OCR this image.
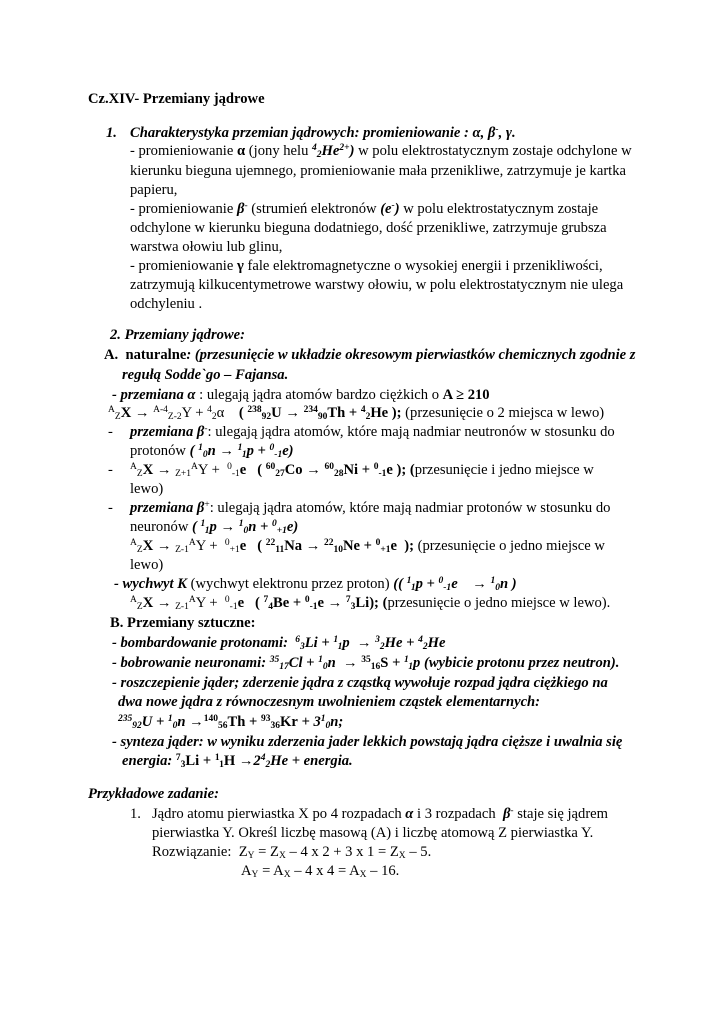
Cz.XIV- Przemiany jądrowe
1. Charakterystyka przemian jądrowych: promieniowanie : α, β-, γ.
- promieniowanie α (jony helu $^4_2He^{2+}$) w polu elektrostatycznym zostaje odchylone w
kierunku bieguna ujemnego, promieniowanie mała przenikliwe, zatrzymuje je kartka
papieru,
- promieniowanie β- (strumień elektronów (e-) w polu elektrostatycznym zostaje
odchylone w kierunku bieguna dodatniego, dość przenikliwe, zatrzymuje grubsza
warstwa ołowiu lub glinu,
- promieniowanie γ fale elektromagnetyczne o wysokiej energii i przenikliwości,
zatrzymują kilkucentymetrowe warstwy ołowiu, w polu elektrostatycznym nie ulega
odchyleniu .
2. Przemiany jądrowe:
A. naturalne: (przesunięcie w układzie okresowym pierwiastków chemicznych zgodnie z
regułą Sodde`go – Fajansa.
- przemiana α : ulegają jądra atomów bardzo ciężkich o A ≥ 210
$^A_Z$X → $^{A-4}_{Z-2}$Y + $^4_2$α    ( $^{238}_{92}$U → $^{234}_{90}$Th + $^4_2$He ); (przesunięcie o 2 miejsca w lewo)
- przemiana β-: ulegają jądra atomów, które mają nadmiar neutronów w stosunku do
protonów ( $^1_0$n → $^1_1$p + $^0_{-1}$e)
- $^A_Z$X → $_{Z+1}^A$Y +  $^0_{-1}$e ( $^{60}_{27}$Co → $^{60}_{28}$Ni + $^0_{-1}$e ); (przesunięcie i jedno miejsce w
lewo)
- przemiana β+: ulegają jądra atomów, które mają nadmiar protonów w stosunku do
neuronów ( $^1_1$p → $^1_0$n + $^0_{+1}$e)
$^A_Z$X → $_{Z-1}^A$Y +  $^0_{+1}$e ( $^{22}_{11}$Na → $^{22}_{10}$Ne + $^0_{+1}$e  ); (przesunięcie o jedno miejsce w
lewo)
- wychwyt K (wychwyt elektronu przez proton) (( $^1_1$p + $^0_{-1}$e    → $^1_0$n )
$^A_Z$X → $_{Z-1}^A$Y +  $^0_{-1}$e ( $^7_4$Be + $^0_{-1}$e → $^7_3$Li); (przesunięcie o jedno miejsce w lewo).
B. Przemiany sztuczne:
- bombardowanie protonami:  $^6_3$Li + $^1_1$p  → $^3_2$He + $^4_2$He
- bobrowanie neuronami: $^{35}_{17}$Cl + $^1_0$n  → $^{35}_{16}$S + $^1_1$p (wybicie protonu przez neutron).
- roszczepienie jąder; zderzenie jądra z cząstką wywołuje rozpad jądra ciężkiego na
dwa nowe jądra z równoczesnym uwolnieniem cząstek elementarnych:
$^{235}_{92}U + ^1_0n \to^{140}_{56}Th + ^{93}_{36}Kr + 3^1_0n$;
- synteza jąder: w wyniku zderzenia jader lekkich powstają jądra cięższe i uwalnia się
energia: $^7_3Li + ^1_1H \to 2^4_2He$ + energia.
Przykładowe zadanie:
1. Jądro atomu pierwiastka X po 4 rozpadach α i 3 rozpadach  β- staje się jądrem
pierwiastka Y. Określ liczbę masową (A) i liczbę atomową Z pierwiastka Y.
Rozwiązanie:  $Z_Y = Z_X - 4$ x 2 + 3 x $1 = Z_X - 5$.
$A_Y = A_X - 4$ x $4 = A_X - 16$.
